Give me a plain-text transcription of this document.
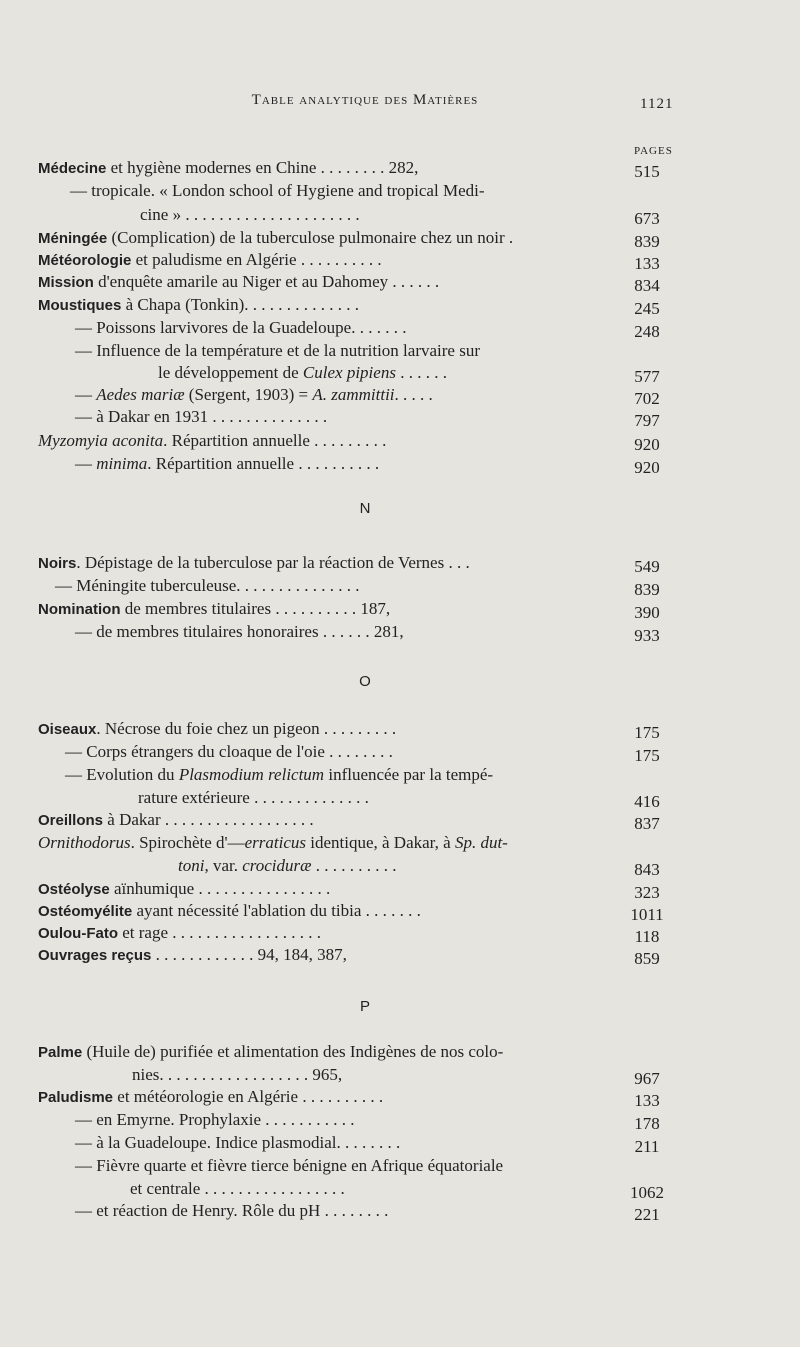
Table analytique des Matières	1121
PAGES
Médecine et hygiène modernes en Chine . . . . . . . . 282,	515
— tropicale. « London school of Hygiene and tropical Medi-
cine » . . . . . . . . . . . . . . . . . . . . .	673
Méningée (Complication) de la tuberculose pulmonaire chez un noir .	839
Météorologie et paludisme en Algérie . . . . . . . . . .	133
Mission d'enquête amarile au Niger et au Dahomey . . . . . .	834
Moustiques à Chapa (Tonkin). . . . . . . . . . . . . .	245
— Poissons larvivores de la Guadeloupe. . . . . . .	248
— Influence de la température et de la nutrition larvaire sur
le développement de Culex pipiens . . . . . .	577
— Aedes mariæ (Sergent, 1903) = A. zammittii. . . . .	702
— à Dakar en 1931 . . . . . . . . . . . . . .	797
Myzomyia aconita. Répartition annuelle . . . . . . . . .	920
— minima. Répartition annuelle . . . . . . . . . .	920
Noirs. Dépistage de la tuberculose par la réaction de Vernes . . .	549
— Méningite tuberculeuse. . . . . . . . . . . . . . .	839
Nomination de membres titulaires . . . . . . . . . . 187,	390
— de membres titulaires honoraires . . . . . . 281,	933
Oiseaux. Nécrose du foie chez un pigeon . . . . . . . . .	175
— Corps étrangers du cloaque de l'oie . . . . . . . .	175
— Evolution du Plasmodium relictum influencée par la tempé-
rature extérieure . . . . . . . . . . . . . .	416
Oreillons à Dakar . . . . . . . . . . . . . . . . . .	837
Ornithodorus. Spirochète d'—erraticus identique, à Dakar, à Sp. dut-
toni, var. crociduræ . . . . . . . . . .	843
Ostéolyse aïnhumique . . . . . . . . . . . . . . . .	323
Ostéomyélite ayant nécessité l'ablation du tibia . . . . . . .	1011
Oulou-Fato et rage . . . . . . . . . . . . . . . . . .	118
Ouvrages reçus . . . . . . . . . . . . 94, 184, 387,	859
Palme (Huile de) purifiée et alimentation des Indigènes de nos colo-
nies. . . . . . . . . . . . . . . . . . 965,	967
Paludisme et météorologie en Algérie . . . . . . . . . .	133
— en Emyrne. Prophylaxie . . . . . . . . . . .	178
— à la Guadeloupe. Indice plasmodial. . . . . . . .	211
— Fièvre quarte et fièvre tierce bénigne en Afrique équatoriale
et centrale . . . . . . . . . . . . . . . . .	1062
— et réaction de Henry. Rôle du pH . . . . . . . .	221
N
O
P
